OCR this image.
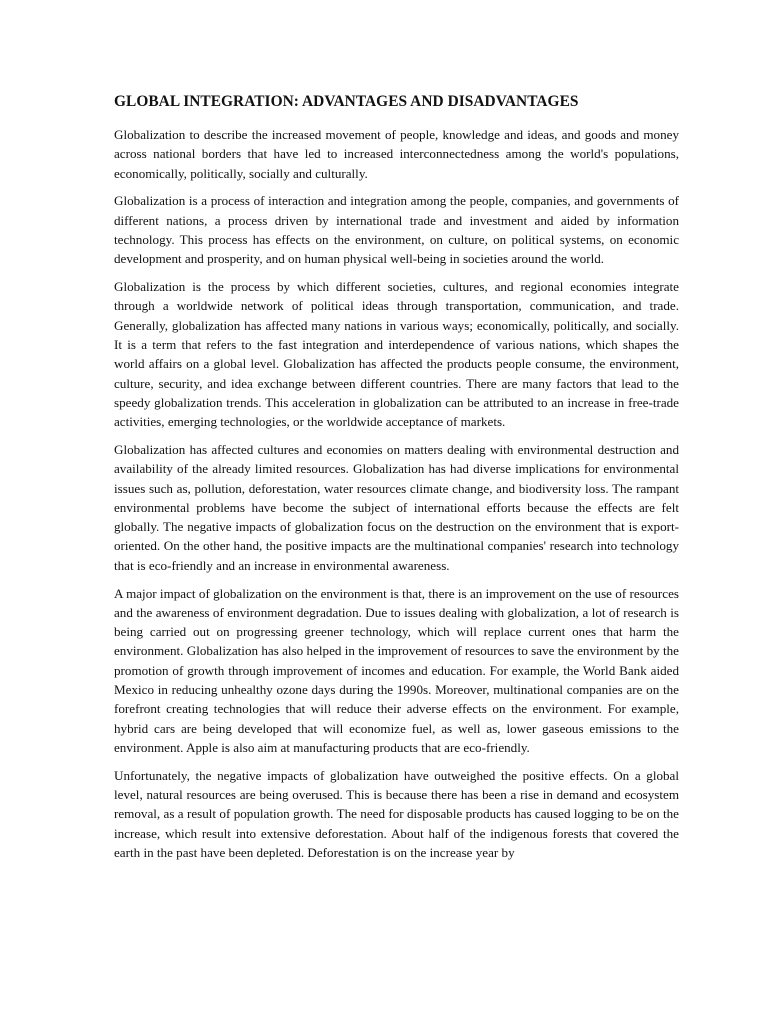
GLOBAL INTEGRATION: ADVANTAGES AND DISADVANTAGES

Globalization to describe the increased movement of people, knowledge and ideas, and goods and money across national borders that have led to increased interconnectedness among the world's populations, economically, politically, socially and culturally.

Globalization is a process of interaction and integration among the people, companies, and governments of different nations, a process driven by international trade and investment and aided by information technology. This process has effects on the environment, on culture, on political systems, on economic development and prosperity, and on human physical well-being in societies around the world.

Globalization is the process by which different societies, cultures, and regional economies integrate through a worldwide network of political ideas through transportation, communication, and trade. Generally, globalization has affected many nations in various ways; economically, politically, and socially. It is a term that refers to the fast integration and interdependence of various nations, which shapes the world affairs on a global level. Globalization has affected the products people consume, the environment, culture, security, and idea exchange between different countries. There are many factors that lead to the speedy globalization trends. This acceleration in globalization can be attributed to an increase in free-trade activities, emerging technologies, or the worldwide acceptance of markets.

Globalization has affected cultures and economies on matters dealing with environmental destruction and availability of the already limited resources. Globalization has had diverse implications for environmental issues such as, pollution, deforestation, water resources climate change, and biodiversity loss. The rampant environmental problems have become the subject of international efforts because the effects are felt globally. The negative impacts of globalization focus on the destruction on the environment that is export-oriented. On the other hand, the positive impacts are the multinational companies' research into technology that is eco-friendly and an increase in environmental awareness.

A major impact of globalization on the environment is that, there is an improvement on the use of resources and the awareness of environment degradation. Due to issues dealing with globalization, a lot of research is being carried out on progressing greener technology, which will replace current ones that harm the environment. Globalization has also helped in the improvement of resources to save the environment by the promotion of growth through improvement of incomes and education. For example, the World Bank aided Mexico in reducing unhealthy ozone days during the 1990s. Moreover, multinational companies are on the forefront creating technologies that will reduce their adverse effects on the environment. For example, hybrid cars are being developed that will economize fuel, as well as, lower gaseous emissions to the environment. Apple is also aim at manufacturing products that are eco-friendly.

Unfortunately, the negative impacts of globalization have outweighed the positive effects. On a global level, natural resources are being overused. This is because there has been a rise in demand and ecosystem removal, as a result of population growth. The need for disposable products has caused logging to be on the increase, which result into extensive deforestation. About half of the indigenous forests that covered the earth in the past have been depleted. Deforestation is on the increase year by
